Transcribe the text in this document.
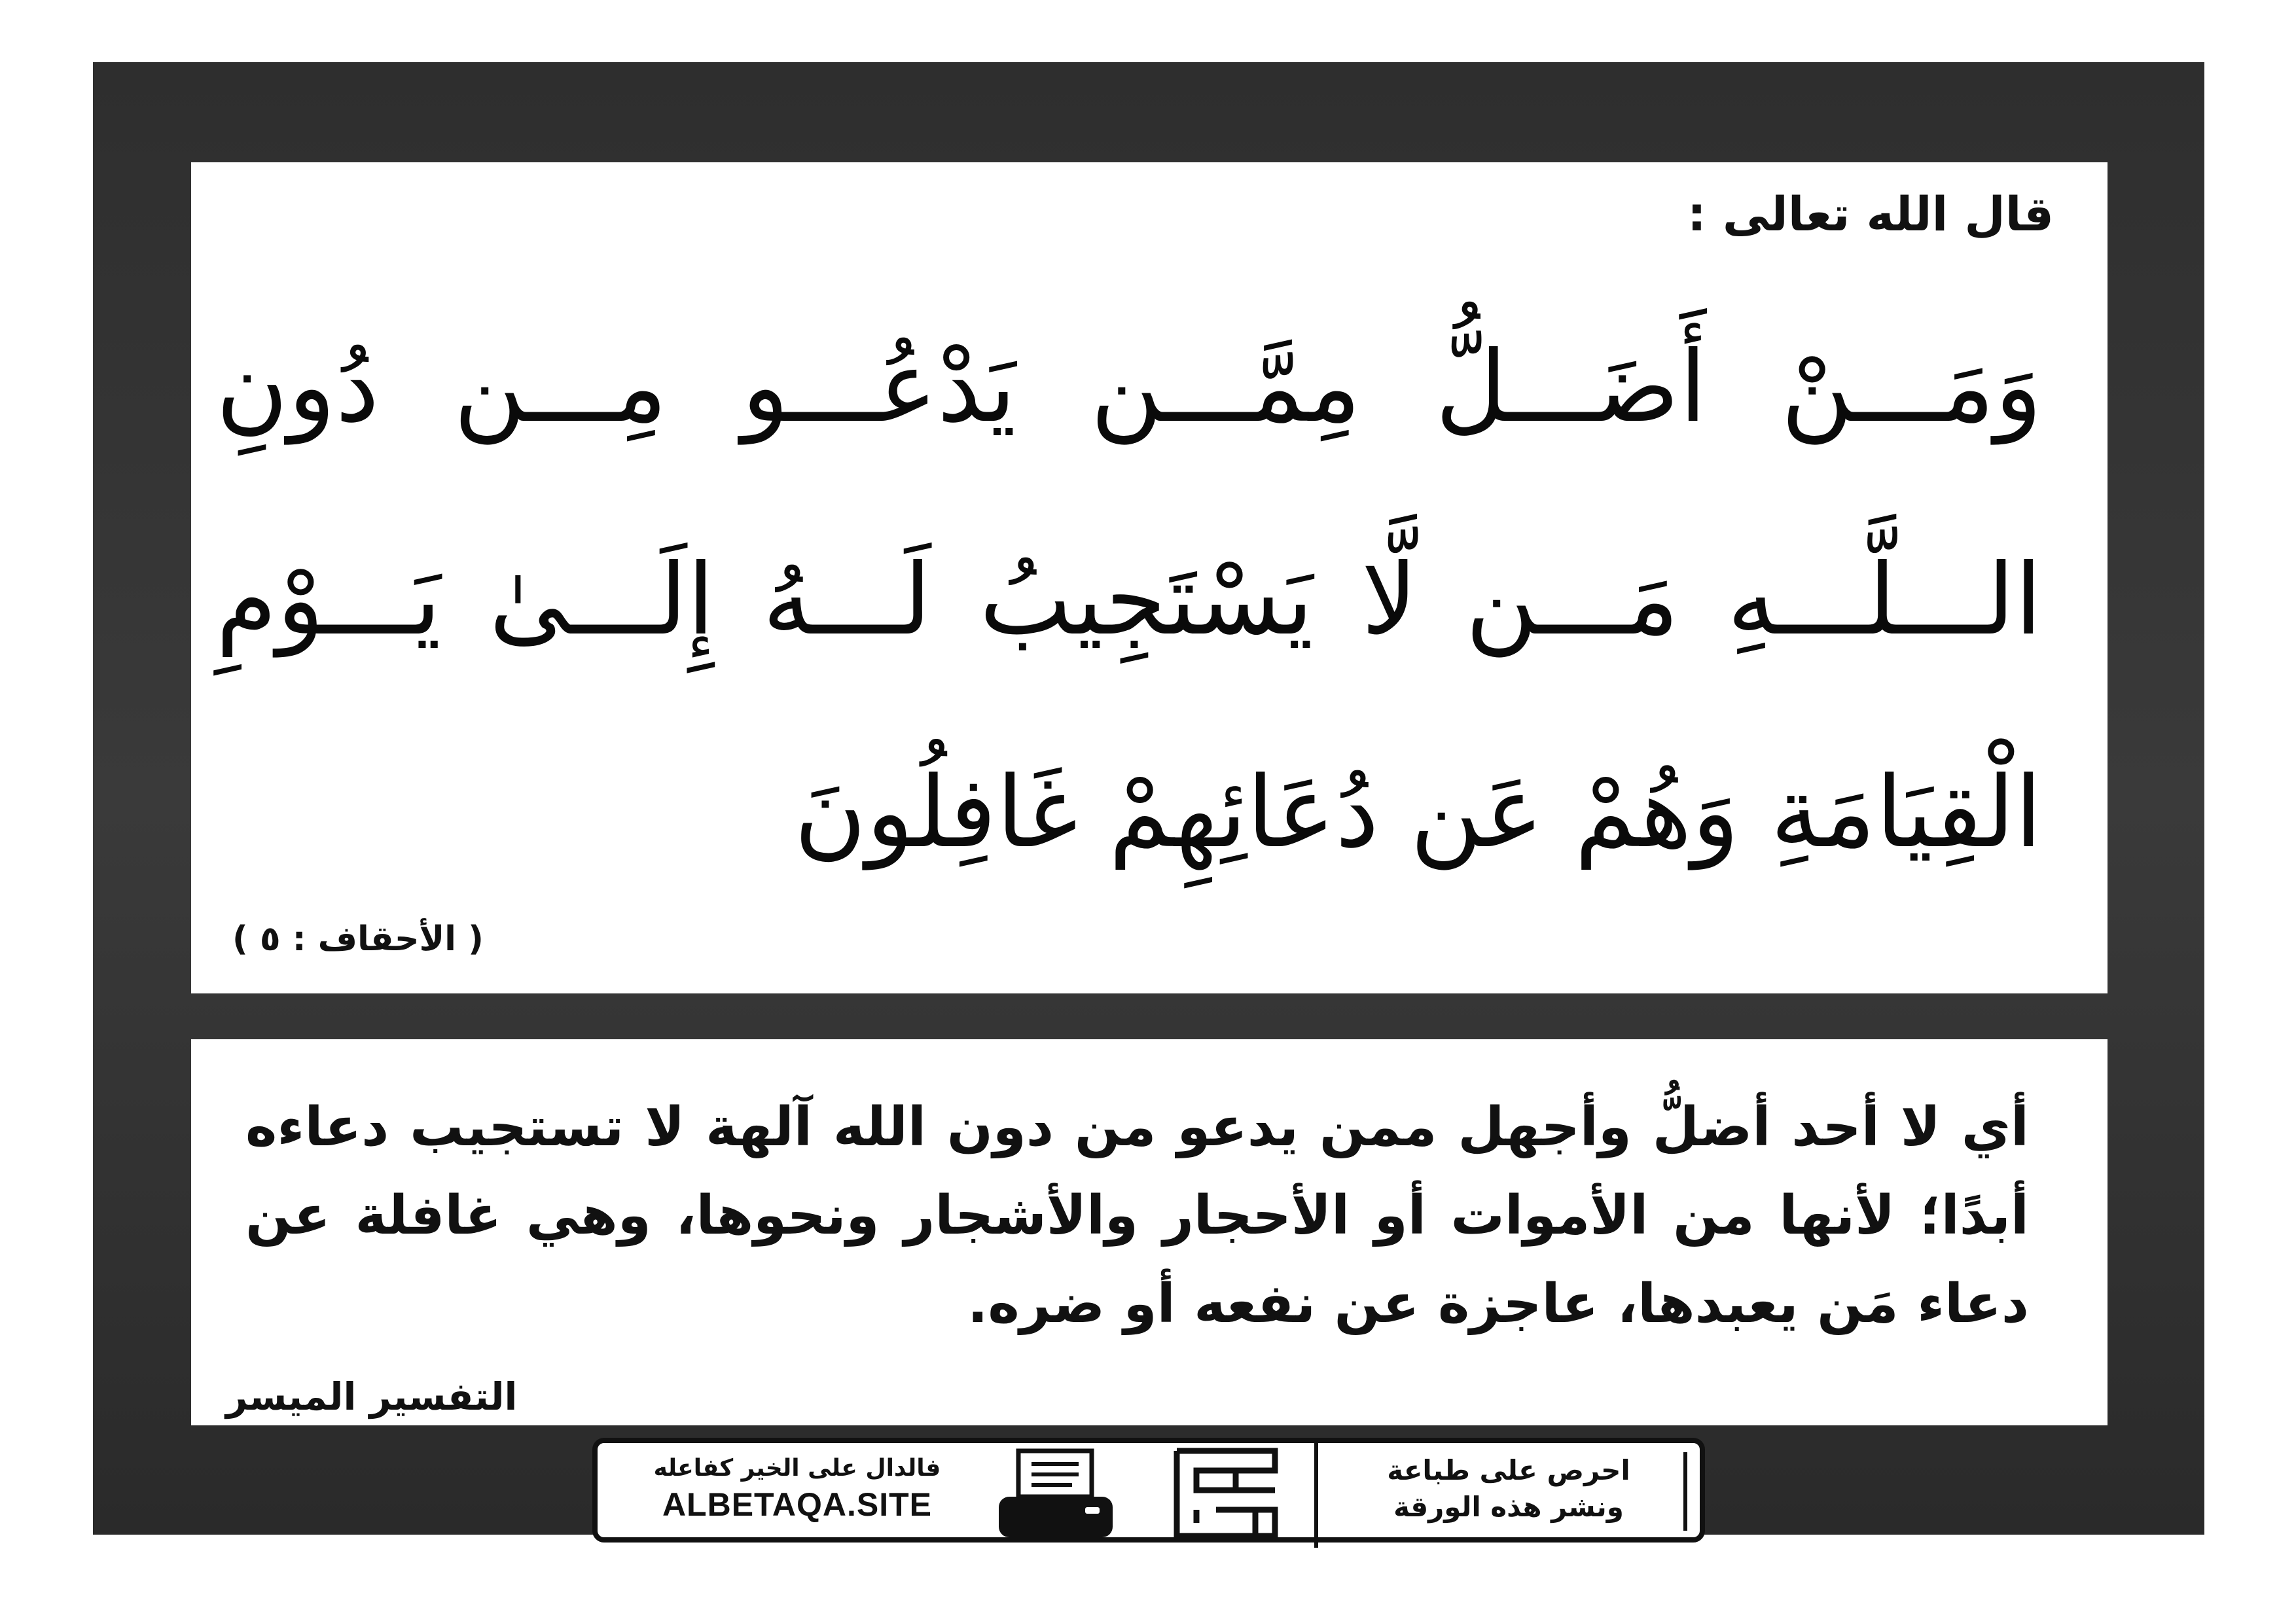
قال الله تعالى :
وَمَـــنْ أَضَـــلُّ مِمَّـــن يَدْعُـــو مِـــن دُونِ
الـــلَّـــهِ مَـــن لَّا يَسْتَجِيبُ لَـــهُ إِلَـــىٰ يَـــوْمِ
الْقِيَامَةِ وَهُمْ عَن دُعَائِهِمْ غَافِلُونَ
( الأحقاف : ٥ )
أي لا أحد أضلُّ وأجهل ممن يدعو من دون الله آلهة لا تستجيب دعاءه
أبدًا؛ لأنها من الأموات أو الأحجار والأشجار ونحوها، وهي غافلة عن
دعاء مَن يعبدها، عاجزة عن نفعه أو ضره.
التفسير الميسر
فالدال على الخير كفاعله
ALBETAQA.SITE
احرص على طباعة
ونشر هذه الورقة
